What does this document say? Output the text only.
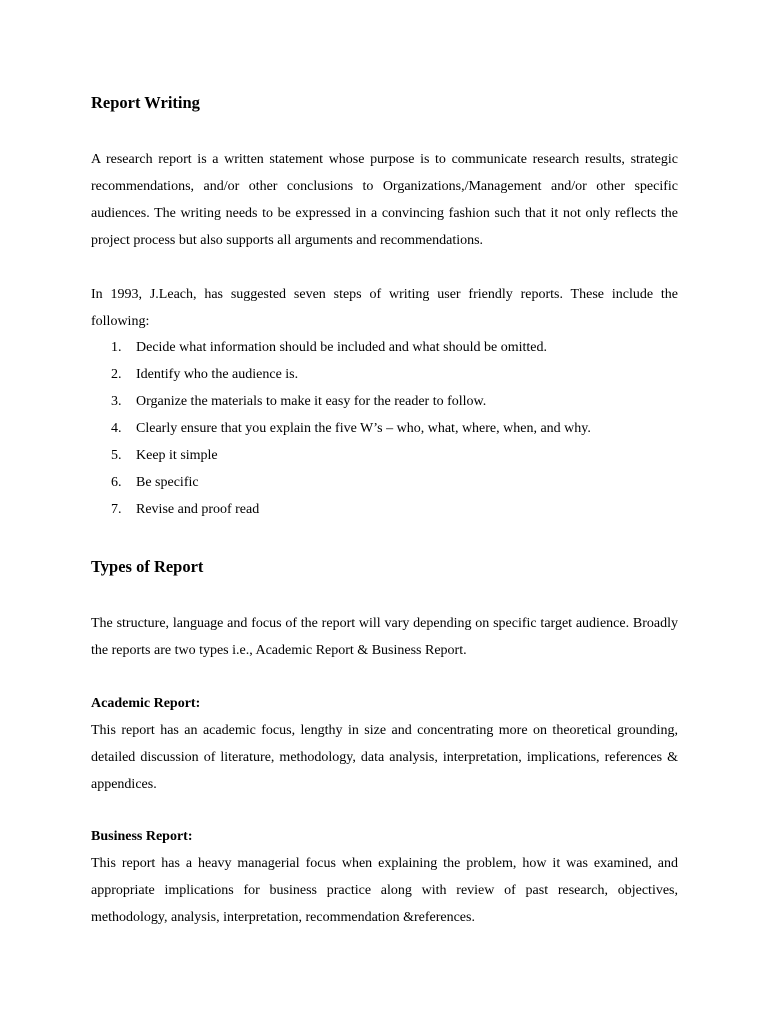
Report Writing

A research report is a written statement whose purpose is to communicate research results, strategic recommendations, and/or other conclusions to Organizations,/Management and/or other specific audiences. The writing needs to be expressed in a convincing fashion such that it not only reflects the project process but also supports all arguments and recommendations.

In 1993, J.Leach, has suggested seven steps of writing user friendly reports. These include the following:

1. Decide what information should be included and what should be omitted.
2. Identify who the audience is.
3. Organize the materials to make it easy for the reader to follow.
4. Clearly ensure that you explain the five W’s – who, what, where, when, and why.
5. Keep it simple
6. Be specific
7. Revise and proof read
Types of Report

The structure, language and focus of the report will vary depending on specific target audience. Broadly the reports are two types i.e., Academic Report & Business Report.

Academic Report:

This report has an academic focus, lengthy in size and concentrating more on theoretical grounding, detailed discussion of literature, methodology, data analysis, interpretation, implications, references & appendices.

Business Report:

This report has a heavy managerial focus when explaining the problem, how it was examined, and appropriate implications for business practice along with review of past research, objectives, methodology, analysis, interpretation, recommendation &references.
